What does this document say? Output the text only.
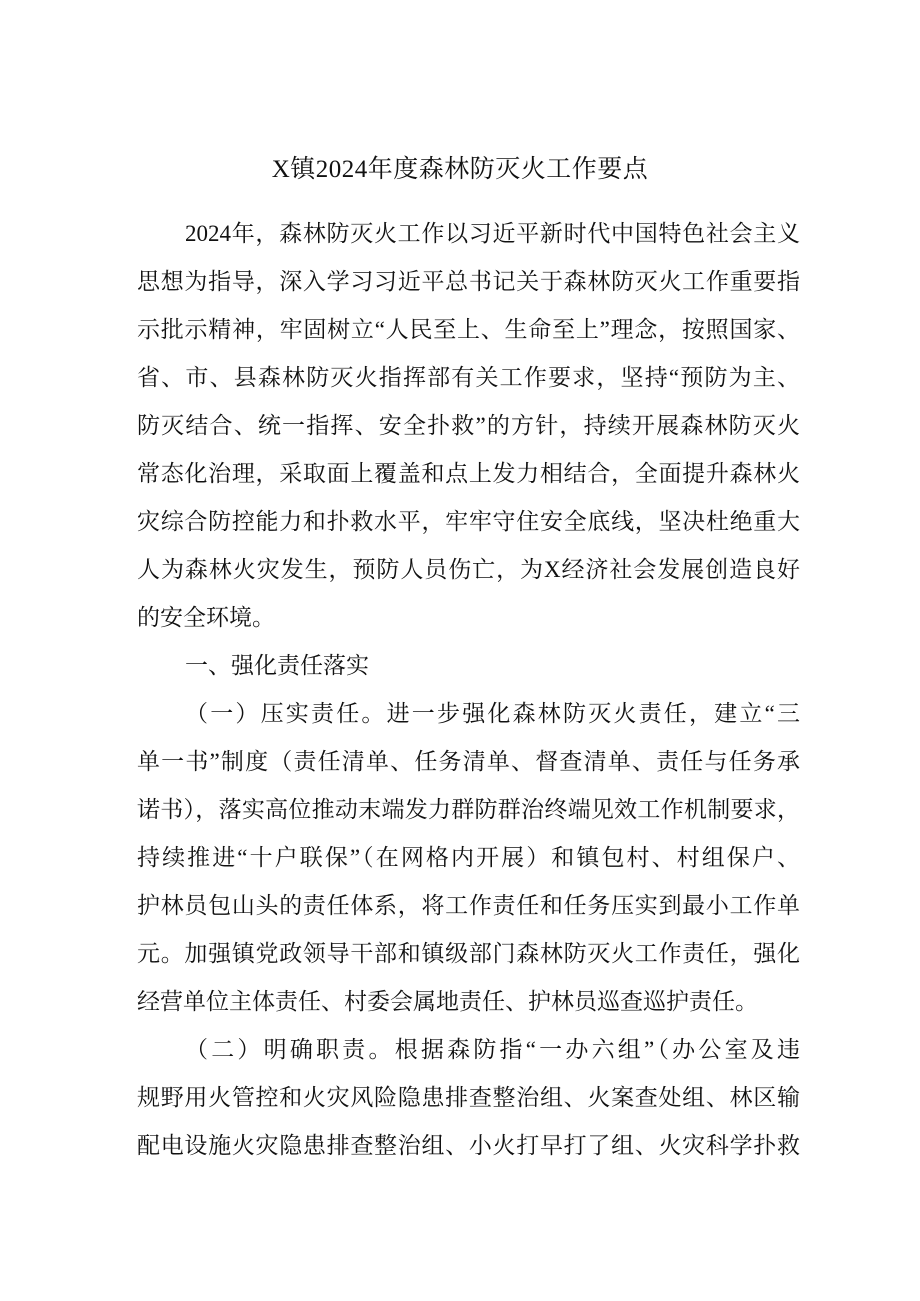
X镇2024年度森林防灭火工作要点
2024年，森林防灭火工作以习近平新时代中国特色社会主义
思想为指导，深入学习习近平总书记关于森林防灭火工作重要指
示批示精神，牢固树立“人民至上、生命至上”理念，按照国家、
省、市、县森林防灭火指挥部有关工作要求，坚持“预防为主、
防灭结合、统一指挥、安全扑救”的方针，持续开展森林防灭火
常态化治理，采取面上覆盖和点上发力相结合，全面提升森林火
灾综合防控能力和扑救水平，牢牢守住安全底线，坚决杜绝重大
人为森林火灾发生，预防人员伤亡，为X经济社会发展创造良好
的安全环境。
一、强化责任落实
（一）压实责任。进一步强化森林防灭火责任，建立“三
单一书”制度（责任清单、任务清单、督查清单、责任与任务承
诺书），落实高位推动末端发力群防群治终端见效工作机制要求，
持续推进“十户联保”（在网格内开展）和镇包村、村组保户、
护林员包山头的责任体系，将工作责任和任务压实到最小工作单
元。加强镇党政领导干部和镇级部门森林防灭火工作责任，强化
经营单位主体责任、村委会属地责任、护林员巡查巡护责任。
（二）明确职责。根据森防指“一办六组”（办公室及违
规野用火管控和火灾风险隐患排查整治组、火案查处组、林区输
配电设施火灾隐患排查整治组、小火打早打了组、火灾科学扑救
